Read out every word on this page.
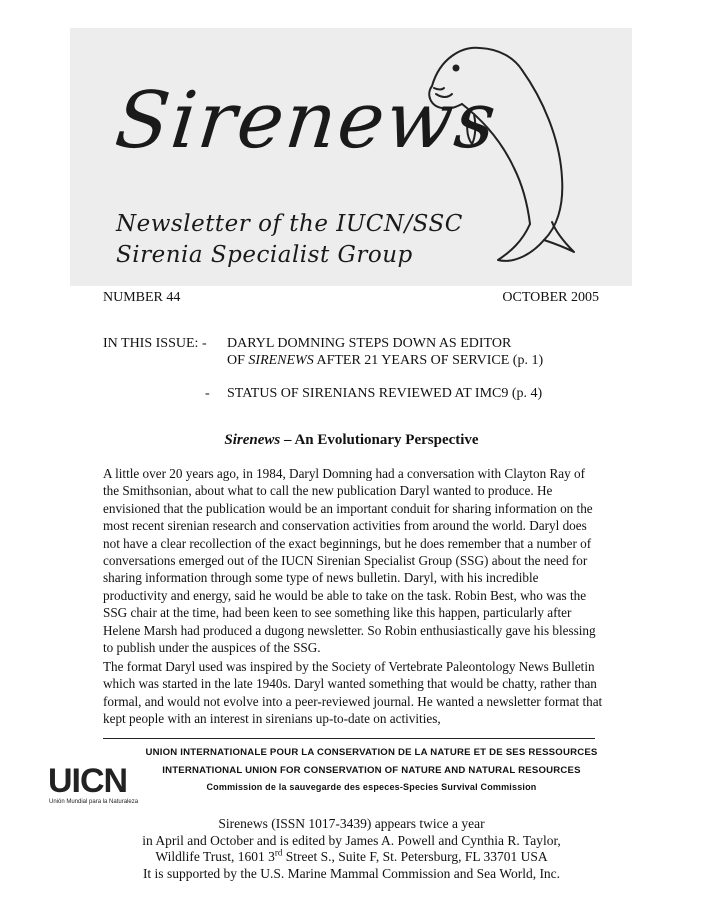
Sirenews
Newsletter of the IUCN/SSC
Sirenia Specialist Group
NUMBER 44	OCTOBER 2005
IN THIS ISSUE: - DARYL DOMNING STEPS DOWN AS EDITOR
OF SIRENEWS AFTER 21 YEARS OF SERVICE (p. 1)
- STATUS OF SIRENIANS REVIEWED AT IMC9 (p. 4)
Sirenews – An Evolutionary Perspective
A little over 20 years ago, in 1984, Daryl Domning had a conversation with Clayton Ray of the Smithsonian, about what to call the new publication Daryl wanted to produce. He envisioned that the publication would be an important conduit for sharing information on the most recent sirenian research and conservation activities from around the world. Daryl does not have a clear recollection of the exact beginnings, but he does remember that a number of conversations emerged out of the IUCN Sirenian Specialist Group (SSG) about the need for sharing information through some type of news bulletin. Daryl, with his incredible productivity and energy, said he would be able to take on the task. Robin Best, who was the SSG chair at the time, had been keen to see something like this happen, particularly after Helene Marsh had produced a dugong newsletter. So Robin enthusiastically gave his blessing to publish under the auspices of the SSG.
The format Daryl used was inspired by the Society of Vertebrate Paleontology News Bulletin which was started in the late 1940s. Daryl wanted something that would be chatty, rather than formal, and would not evolve into a peer-reviewed journal. He wanted a newsletter format that kept people with an interest in sirenians up-to-date on activities,
UNION INTERNATIONALE POUR LA CONSERVATION DE LA NATURE ET DE SES RESSOURCES
INTERNATIONAL UNION FOR CONSERVATION OF NATURE AND NATURAL RESOURCES
Commission de la sauvegarde des especes-Species Survival Commission
UICN
Unión Mundial para la Naturaleza
Sirenews (ISSN 1017-3439) appears twice a year
in April and October and is edited by James A. Powell and Cynthia R. Taylor,
Wildlife Trust, 1601 3rd Street S., Suite F, St. Petersburg, FL 33701 USA
It is supported by the U.S. Marine Mammal Commission and Sea World, Inc.
